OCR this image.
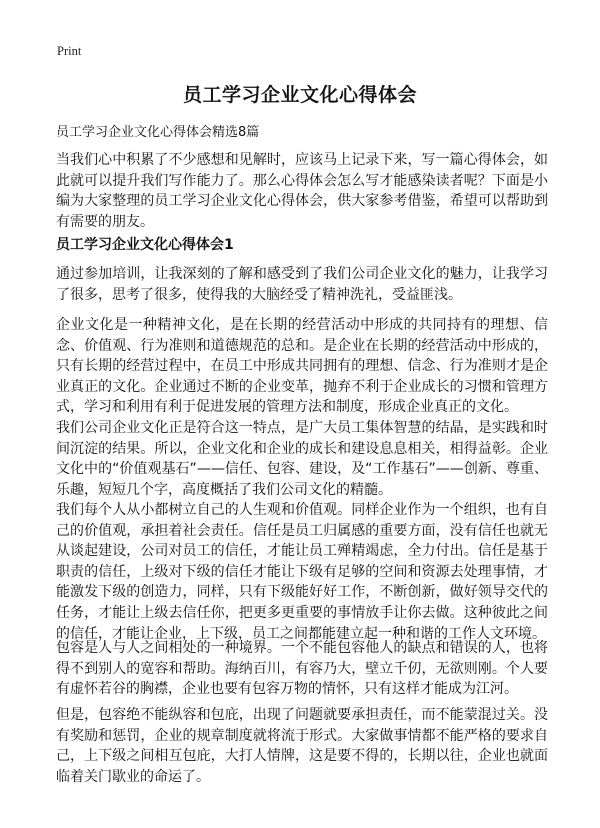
Print
员工学习企业文化心得体会
员工学习企业文化心得体会精选8篇

当我们心中积累了不少感想和见解时，应该马上记录下来，写一篇心得体会，如此就可以提升我们写作能力了。那么心得体会怎么写才能感染读者呢？下面是小编为大家整理的员工学习企业文化心得体会，供大家参考借鉴，希望可以帮助到有需要的朋友。

员工学习企业文化心得体会1

通过参加培训，让我深刻的了解和感受到了我们公司企业文化的魅力，让我学习了很多，思考了很多，使得我的大脑经受了精神洗礼，受益匪浅。

企业文化是一种精神文化，是在长期的经营活动中形成的共同持有的理想、信念、价值观、行为准则和道德规范的总和。是企业在长期的经营活动中形成的，只有长期的经营过程中，在员工中形成共同拥有的理想、信念、行为准则才是企业真正的文化。企业通过不断的企业变革，抛弃不利于企业成长的习惯和管理方式，学习和利用有利于促进发展的管理方法和制度，形成企业真正的文化。

我们公司企业文化正是符合这一特点，是广大员工集体智慧的结晶，是实践和时间沉淀的结果。所以，企业文化和企业的成长和建设息息相关，相得益彰。企业文化中的“价值观基石”——信任、包容、建设，及“工作基石”——创新、尊重、乐趣，短短几个字，高度概括了我们公司文化的精髓。

我们每个人从小都树立自己的人生观和价值观。同样企业作为一个组织，也有自己的价值观，承担着社会责任。信任是员工归属感的重要方面，没有信任也就无从谈起建设，公司对员工的信任，才能让员工殚精竭虑，全力付出。信任是基于职责的信任，上级对下级的信任才能让下级有足够的空间和资源去处理事情，才能激发下级的创造力，同样，只有下级能好好工作，不断创新，做好领导交代的任务，才能让上级去信任你，把更多更重要的事情放手让你去做。这种彼此之间的信任，才能让企业，上下级，员工之间都能建立起一种和谐的工作人文环境。

包容是人与人之间相处的一种境界。一个不能包容他人的缺点和错误的人，也将得不到别人的宽容和帮助。海纳百川，有容乃大，壁立千仞，无欲则刚。个人要有虚怀若谷的胸襟，企业也要有包容万物的情怀，只有这样才能成为江河。

但是，包容绝不能纵容和包庇，出现了问题就要承担责任，而不能蒙混过关。没有奖励和惩罚，企业的规章制度就将流于形式。大家做事情都不能严格的要求自己，上下级之间相互包庇，大打人情牌，这是要不得的，长期以往，企业也就面临着关门歇业的命运了。
